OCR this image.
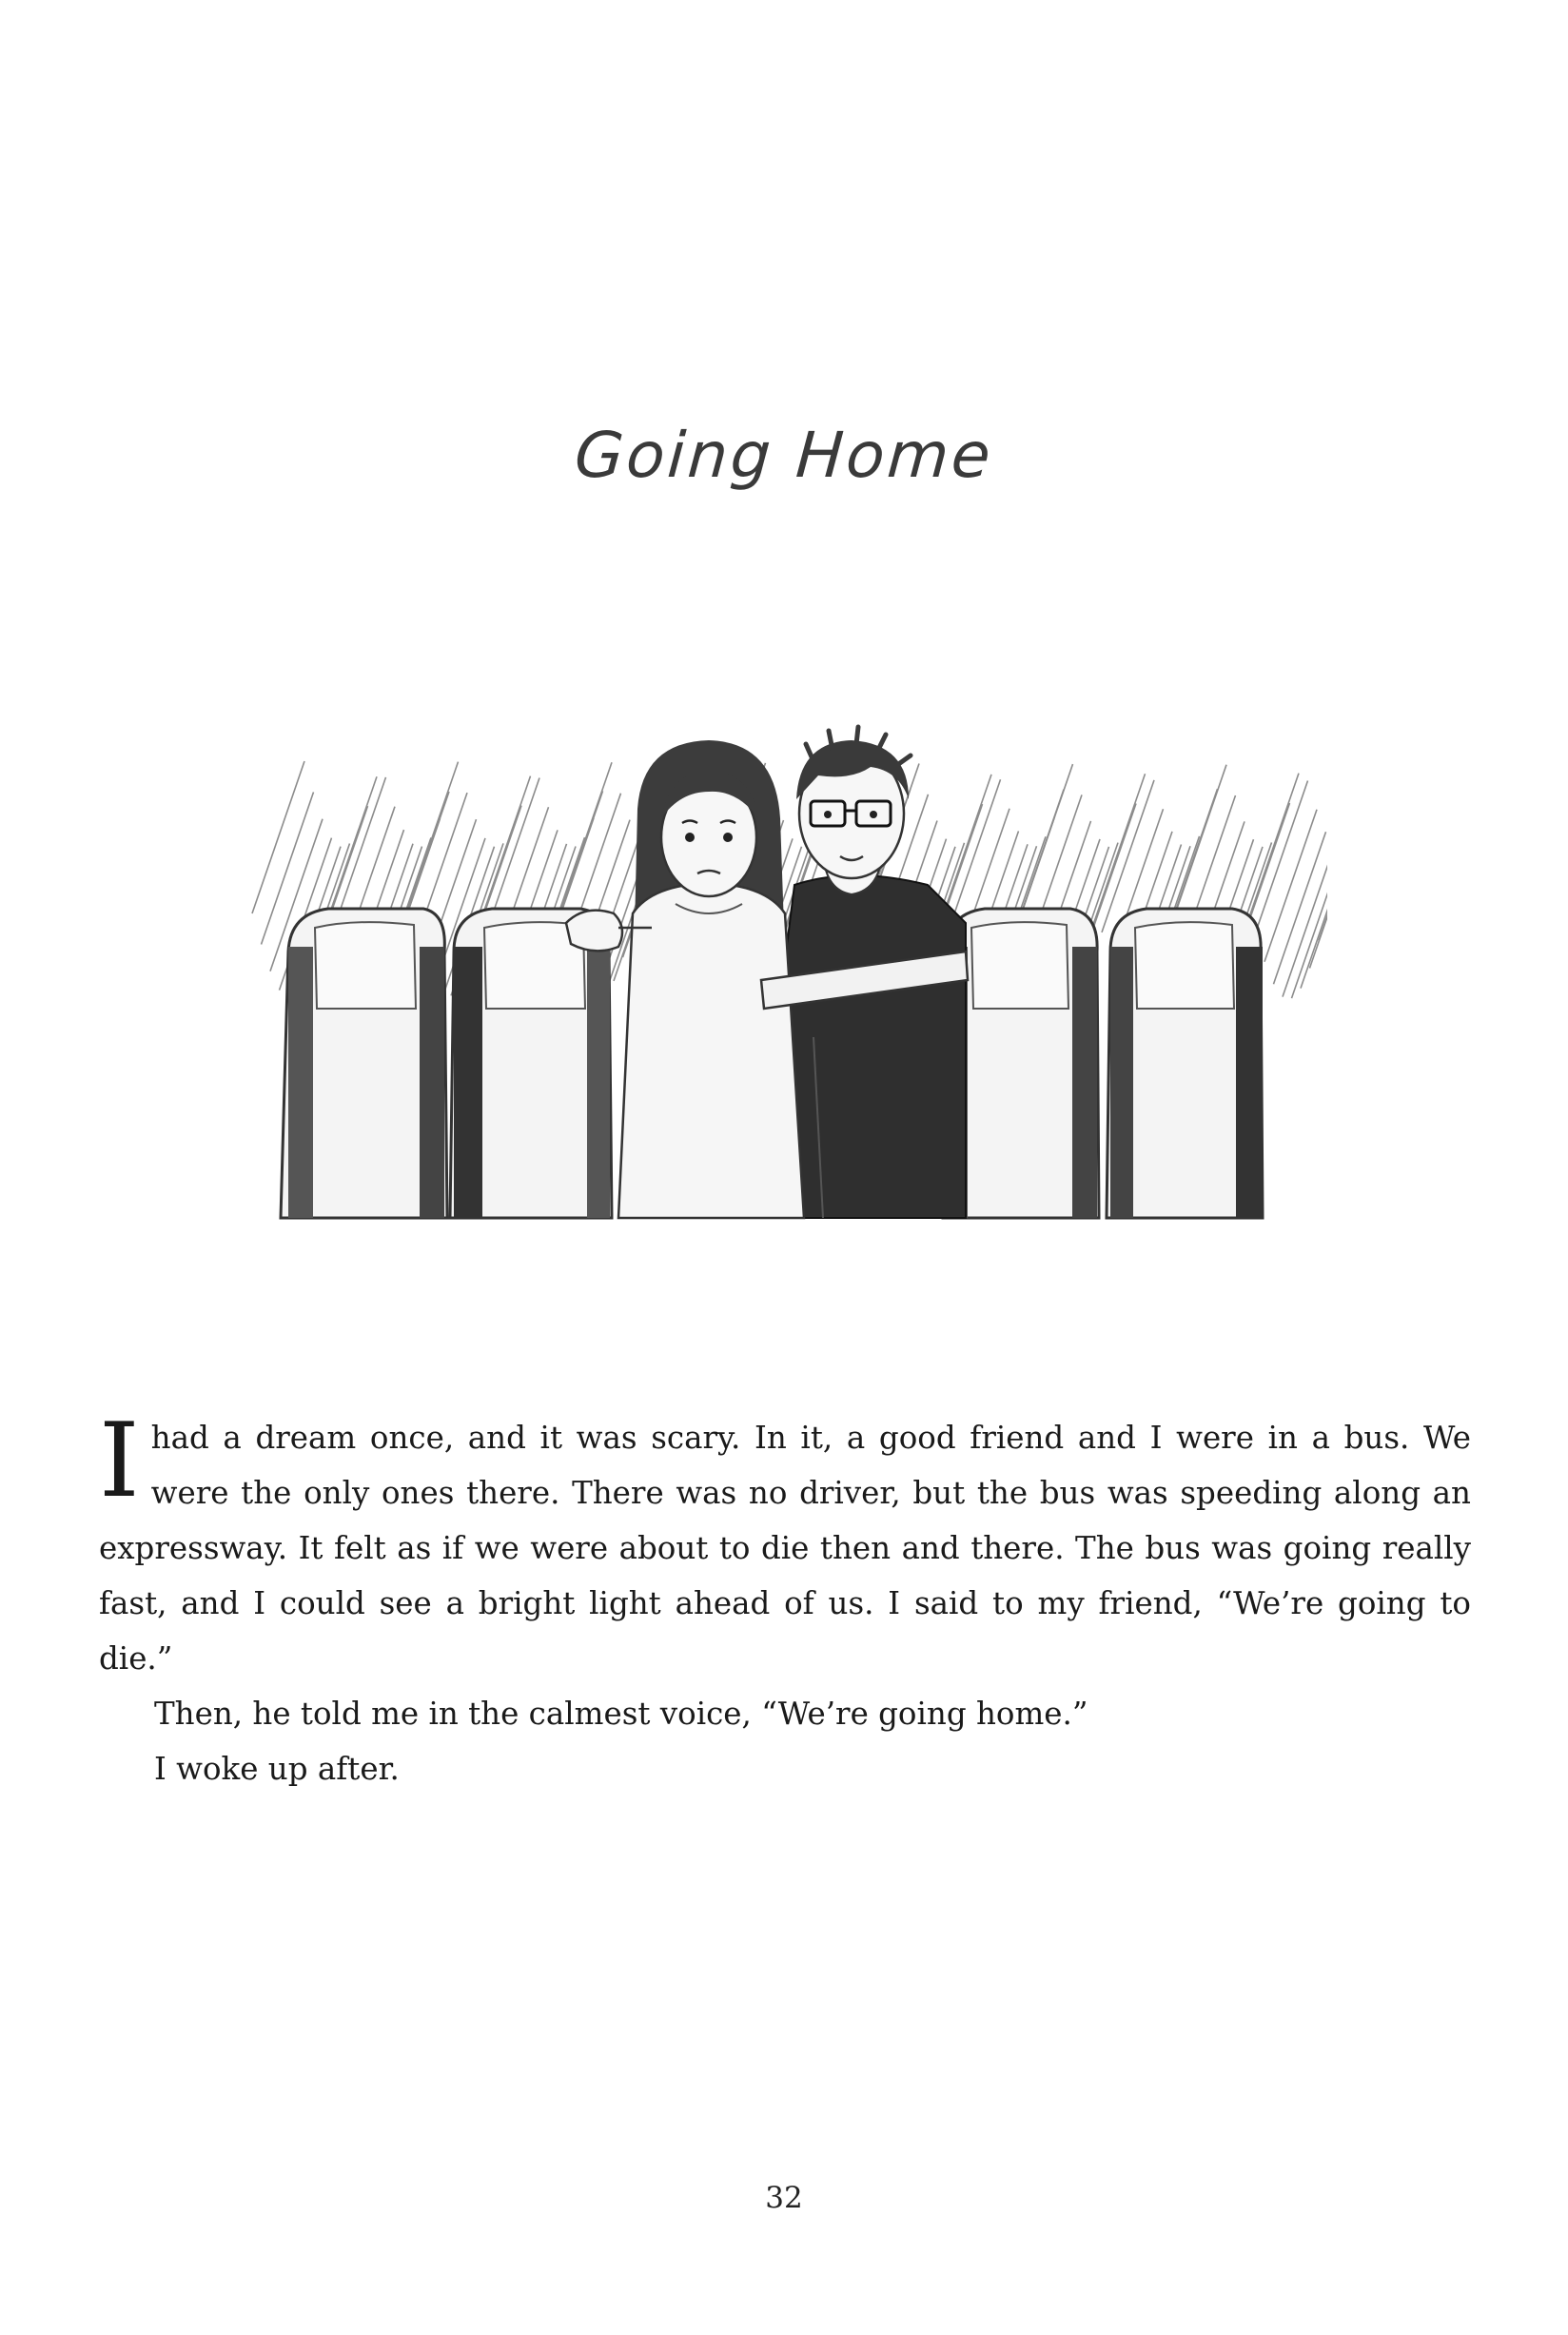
Going Home

Ihad a dream once, and it was scary. In it, a good friend and I were in a bus. We were the only ones there. There was no driver, but the bus was speeding along an expressway. It felt as if we were about to die then and there. The bus was going really fast, and I could see a bright light ahead of us. I said to my friend, “We’re going to die.”

Then, he told me in the calmest voice, “We’re going home.”

I woke up after.

32
